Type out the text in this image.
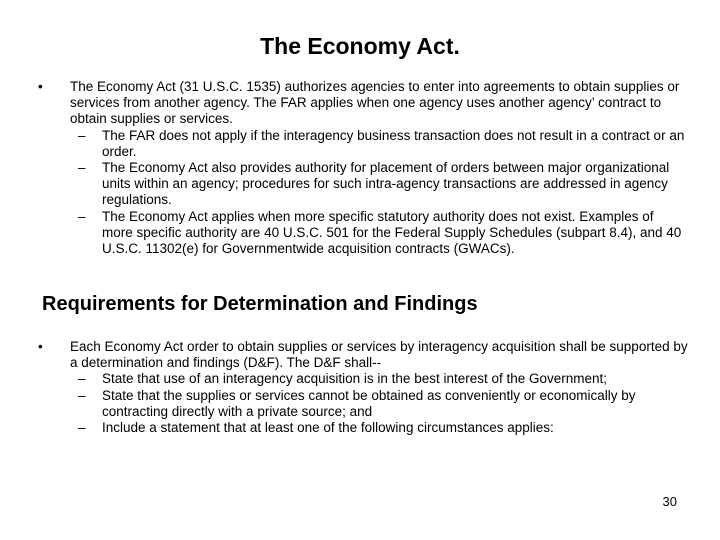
The Economy Act.

•	The Economy Act (31 U.S.C. 1535) authorizes agencies to enter into agreements to obtain supplies or services from another agency. The FAR applies when one agency uses another agency’ contract to obtain supplies or services.

–	The FAR does not apply if the interagency business transaction does not result in a contract or an order.

–	The Economy Act also provides authority for placement of orders between major organizational units within an agency; procedures for such intra-agency transactions are addressed in agency regulations.

–	The Economy Act applies when more specific statutory authority does not exist. Examples of more specific authority are 40 U.S.C. 501 for the Federal Supply Schedules (subpart 8.4), and 40 U.S.C. 11302(e) for Governmentwide acquisition contracts (GWACs).

Requirements for Determination and Findings

•	Each Economy Act order to obtain supplies or services by interagency acquisition shall be supported by a determination and findings (D&F). The D&F shall--

–	State that use of an interagency acquisition is in the best interest of the Government;

–	State that the supplies or services cannot be obtained as conveniently or economically by contracting directly with a private source; and

–	Include a statement that at least one of the following circumstances applies:

30
